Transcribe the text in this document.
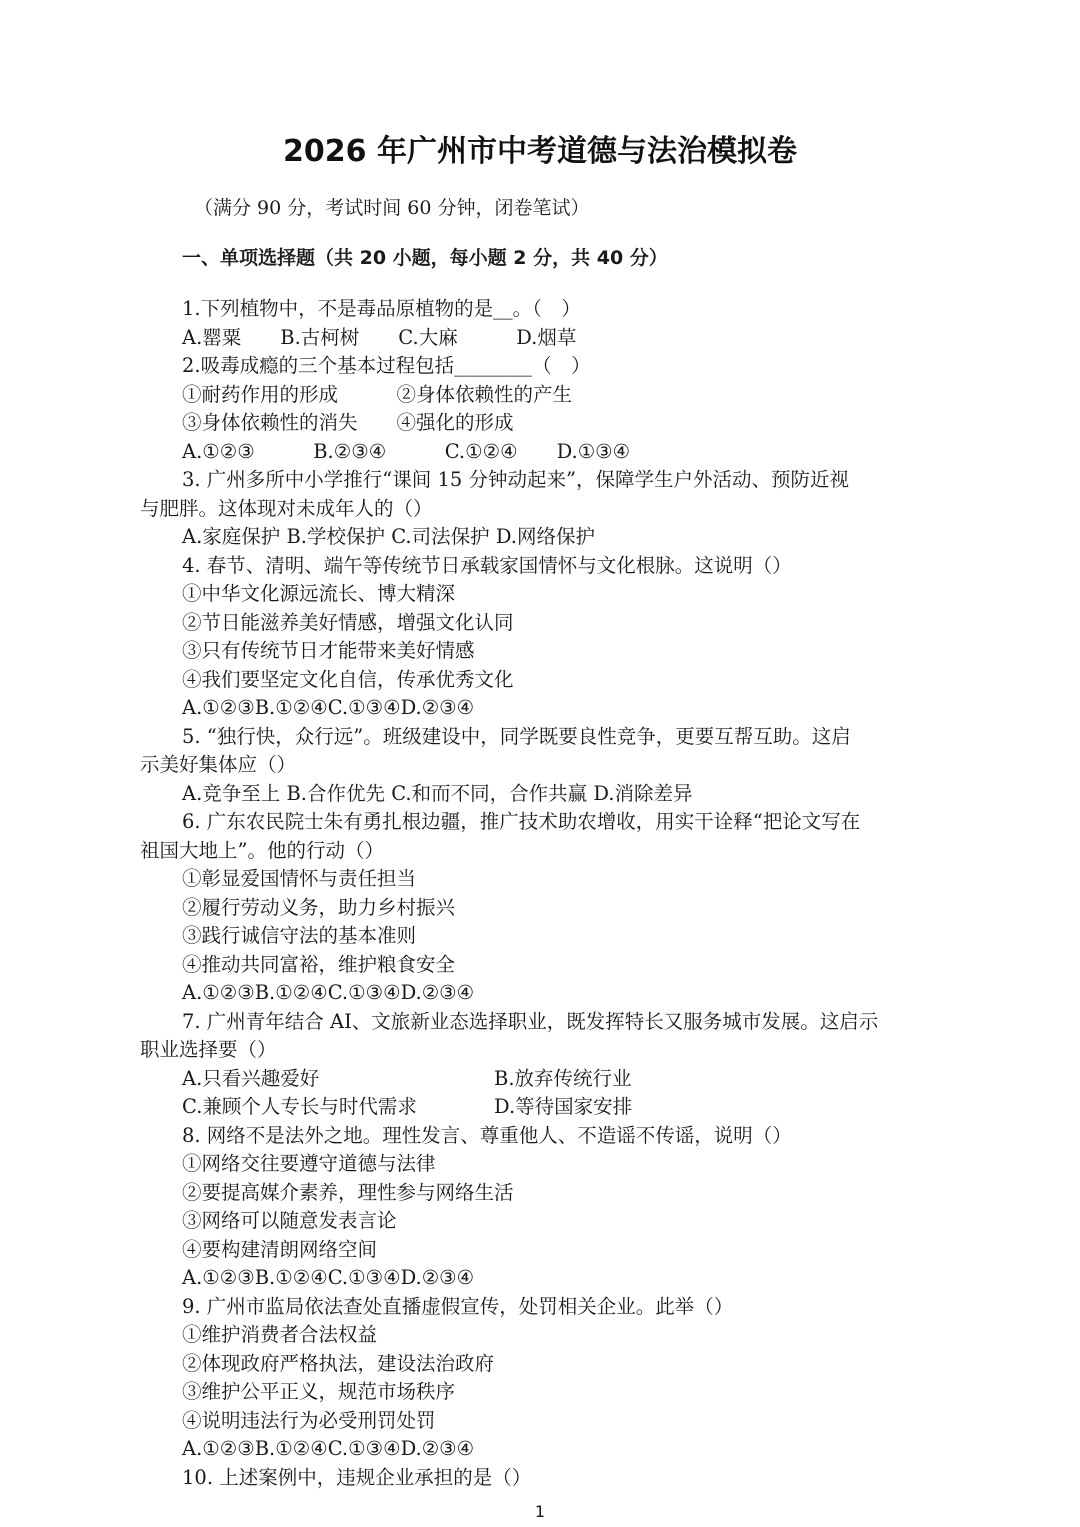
2026 年广州市中考道德与法治模拟卷
（满分 90 分，考试时间 60 分钟，闭卷笔试）
一、单项选择题（共 20 小题，每小题 2 分，共 40 分）
1.下列植物中，不是毒品原植物的是__。（　）
A.罂粟　　B.古柯树　　C.大麻　　　D.烟草
2.吸毒成瘾的三个基本过程包括________（　）
①耐药作用的形成　　　②身体依赖性的产生
③身体依赖性的消失　　④强化的形成
A.①②③　　　B.②③④　　　C.①②④　　D.①③④
3. 广州多所中小学推行“课间 15 分钟动起来”，保障学生户外活动、预防近视
与肥胖。这体现对未成年人的（）
A.家庭保护 B.学校保护 C.司法保护 D.网络保护
4. 春节、清明、端午等传统节日承载家国情怀与文化根脉。这说明（）
①中华文化源远流长、博大精深
②节日能滋养美好情感，增强文化认同
③只有传统节日才能带来美好情感
④我们要坚定文化自信，传承优秀文化
A.①②③B.①②④C.①③④D.②③④
5. “独行快，众行远”。班级建设中，同学既要良性竞争，更要互帮互助。这启
示美好集体应（）
A.竞争至上 B.合作优先 C.和而不同，合作共赢 D.消除差异
6. 广东农民院士朱有勇扎根边疆，推广技术助农增收，用实干诠释“把论文写在
祖国大地上”。他的行动（）
①彰显爱国情怀与责任担当
②履行劳动义务，助力乡村振兴
③践行诚信守法的基本准则
④推动共同富裕，维护粮食安全
A.①②③B.①②④C.①③④D.②③④
7. 广州青年结合 AI、文旅新业态选择职业，既发挥特长又服务城市发展。这启示
职业选择要（）
A.只看兴趣爱好	B.放弃传统行业
C.兼顾个人专长与时代需求	D.等待国家安排
8. 网络不是法外之地。理性发言、尊重他人、不造谣不传谣，说明（）
①网络交往要遵守道德与法律
②要提高媒介素养，理性参与网络生活
③网络可以随意发表言论
④要构建清朗网络空间
A.①②③B.①②④C.①③④D.②③④
9. 广州市监局依法查处直播虚假宣传，处罚相关企业。此举（）
①维护消费者合法权益
②体现政府严格执法，建设法治政府
③维护公平正义，规范市场秩序
④说明违法行为必受刑罚处罚
A.①②③B.①②④C.①③④D.②③④
10. 上述案例中，违规企业承担的是（）
1
